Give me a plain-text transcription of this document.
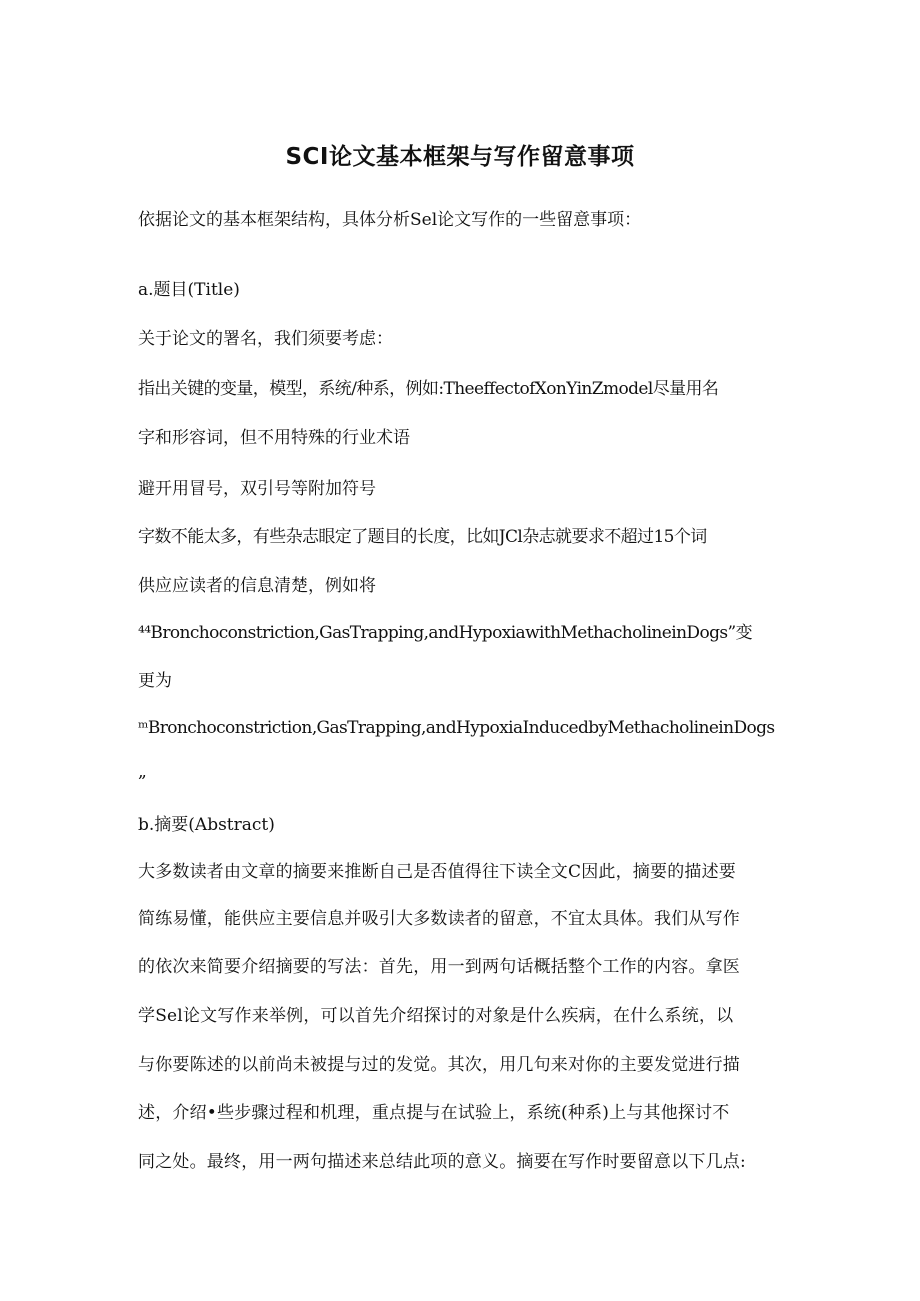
SCI论文基本框架与写作留意事项
依据论文的基本框架结构，具体分析Sel论文写作的一些留意事项：
a.题目(Title)
关于论文的署名，我们须要考虑：
指出关键的变量，模型，系统/种系，例如:TheeffectofXonYinZmodel尽量用名
字和形容词，但不用特殊的行业术语
避开用冒号，双引号等附加符号
字数不能太多，有些杂志眼定了题目的长度，比如JCl杂志就要求不超过15个词
供应应读者的信息清楚，例如将
⁴⁴Bronchoconstriction,GasTrapping,andHypoxiawithMethacholineinDogs”变
更为
ᵐBronchoconstriction‚GasTrapping,andHypoxiaInducedbyMethacholineinDogs
„
b.摘要(Abstract)
大多数读者由文章的摘要来推断自己是否值得往下读全文C因此，摘要的描述要
简练易懂，能供应主要信息并吸引大多数读者的留意，不宜太具体。我们从写作
的依次来简要介绍摘要的写法：首先，用一到两句话概括整个工作的内容。拿医
学Sel论文写作来举例，可以首先介绍探讨的对象是什么疾病，在什么系统，以
与你要陈述的以前尚未被提与过的发觉。其次，用几句来对你的主要发觉进行描
述，介绍•些步骤过程和机理，重点提与在试验上，系统(种系)上与其他探讨不
同之处。最终，用一两句描述来总结此项的意义。摘要在写作时要留意以下几点:
